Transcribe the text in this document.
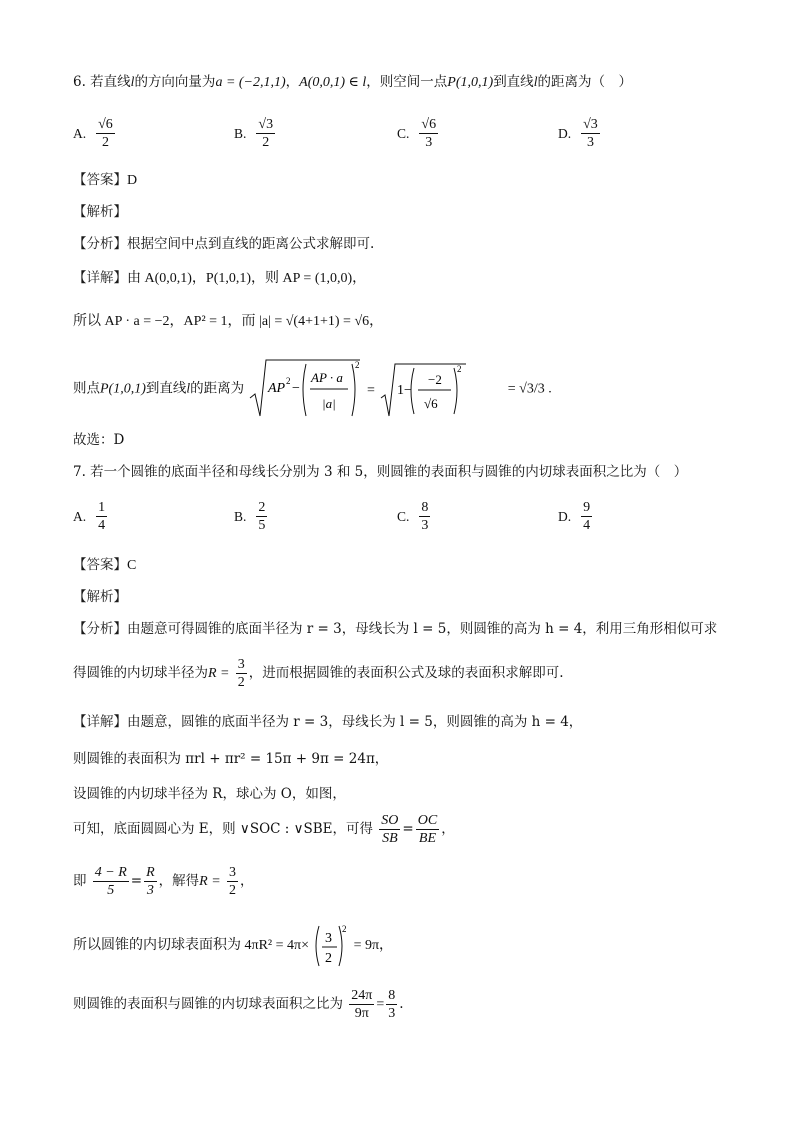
6. 若直线l的方向向量为a = (−2,1,1)，A(0,0,1) ∈ l，则空间一点P(1,0,1)到直线l的距离为（　）
A. $\frac{√6}{2}$	B. $\frac{√3}{2}$	C. $\frac{√6}{3}$	D. $\frac{√3}{3}$
【答案】D
【解析】
【分析】根据空间中点到直线的距离公式求解即可.
【详解】由 A(0,0,1)，P(1,0,1)，则 AP = (1,0,0)，
所以 AP · a = −2，AP² = 1，而 |a| = √(4+1+1) = √6，
则点P(1,0,1)到直线l的距离为 AP 2 −
AP · a
|a|
2
= 1−
−2
√6
2
= √3/3 .
故选：D
7. 若一个圆锥的底面半径和母线长分别为 3 和 5，则圆锥的表面积与圆锥的内切球表面积之比为（　）
A. $\frac{1}{4}$	B. $\frac{2}{5}$	C. $\frac{8}{3}$	D. $\frac{9}{4}$
【答案】C
【解析】
【分析】由题意可得圆锥的底面半径为 r = 3，母线长为 l = 5，则圆锥的高为 h = 4，利用三角形相似可求
得圆锥的内切球半径为$R = \frac{3}{2}$ ，进而根据圆锥的表面积公式及球的表面积求解即可.
【详解】由题意，圆锥的底面半径为 r = 3，母线长为 l = 5，则圆锥的高为 h = 4，
则圆锥的表面积为 πrl + πr² = 15π + 9π = 24π，
设圆锥的内切球半径为 R，球心为 O，如图，
可知，底面圆圆心为 E，则 ∨SOC : ∨SBE，可得 $\frac{SO}{SB} = \frac{OC}{BE}$ ，
即 $\frac{4 - R}{5} = \frac{R}{3}$ ，解得$R = \frac{3}{2}$ ，
所以圆锥的内切球表面积为 4πR² = 4π× 3
2
2
= 9π，
则圆锥的表面积与圆锥的内切球表面积之比为 $\frac{24\pi}{9\pi} = \frac{8}{3}$ .
